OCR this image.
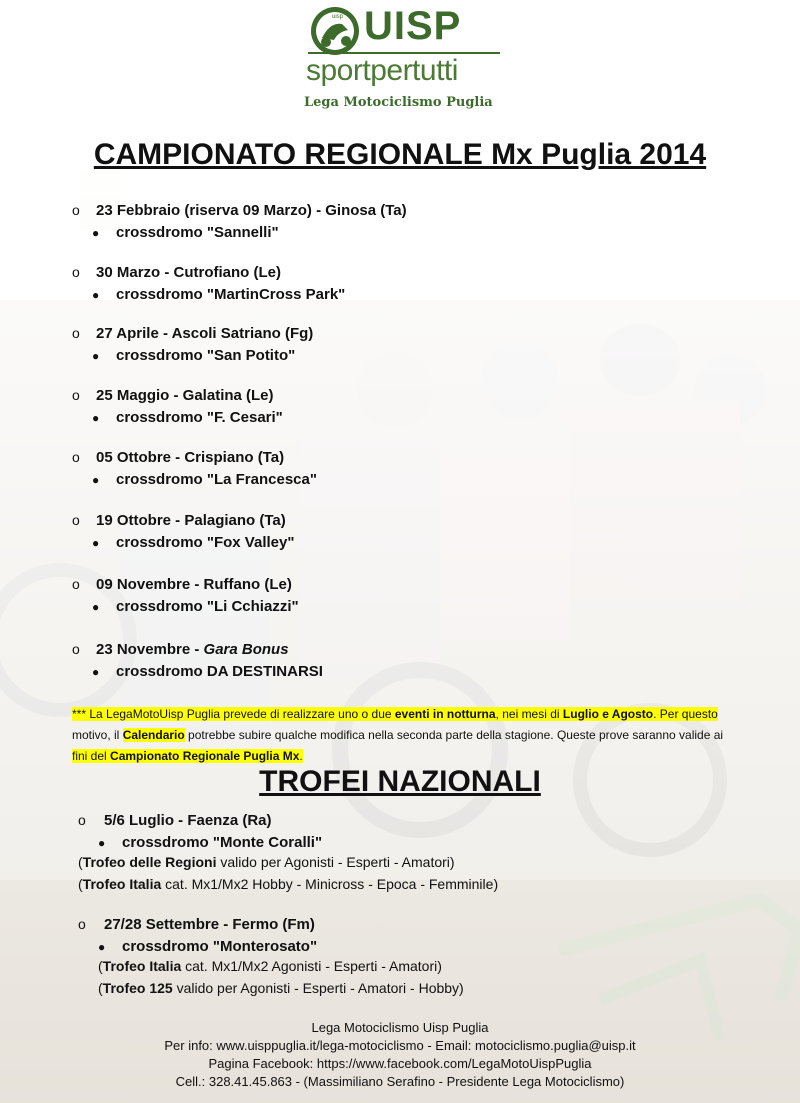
uisp UISP
sportpertutti
Lega Motociclismo Puglia
CAMPIONATO REGIONALE Mx Puglia 2014
o 23 Febbraio (riserva 09 Marzo) - Ginosa (Ta)
● crossdromo "Sannelli"
o 30 Marzo - Cutrofiano (Le)
● crossdromo "MartinCross Park"
o 27 Aprile - Ascoli Satriano (Fg)
● crossdromo "San Potito"
o 25 Maggio - Galatina (Le)
● crossdromo "F. Cesari"
o 05 Ottobre - Crispiano (Ta)
● crossdromo "La Francesca"
o 19 Ottobre - Palagiano (Ta)
● crossdromo "Fox Valley"
o 09 Novembre - Ruffano (Le)
● crossdromo "Li Cchiazzi"
o 23 Novembre - Gara Bonus
● crossdromo DA DESTINARSI
*** La LegaMotoUisp Puglia prevede di realizzare uno o due eventi in notturna, nei mesi di Luglio e Agosto. Per questo
motivo, il Calendario potrebbe subire qualche modifica nella seconda parte della stagione. Queste prove saranno valide ai
fini del Campionato Regionale Puglia Mx.
TROFEI NAZIONALI
o 5/6 Luglio - Faenza (Ra)
● crossdromo "Monte Coralli"
(Trofeo delle Regioni valido per Agonisti - Esperti - Amatori)
(Trofeo Italia cat. Mx1/Mx2 Hobby - Minicross - Epoca - Femminile)
o 27/28 Settembre - Fermo (Fm)
● crossdromo "Monterosato"
(Trofeo Italia cat. Mx1/Mx2 Agonisti - Esperti - Amatori)
(Trofeo 125 valido per Agonisti - Esperti - Amatori - Hobby)
Lega Motociclismo Uisp Puglia
Per info: www.uisppuglia.it/lega-motociclismo - Email: motociclismo.puglia@uisp.it
Pagina Facebook: https://www.facebook.com/LegaMotoUispPuglia
Cell.: 328.41.45.863 - (Massimiliano Serafino - Presidente Lega Motociclismo)
